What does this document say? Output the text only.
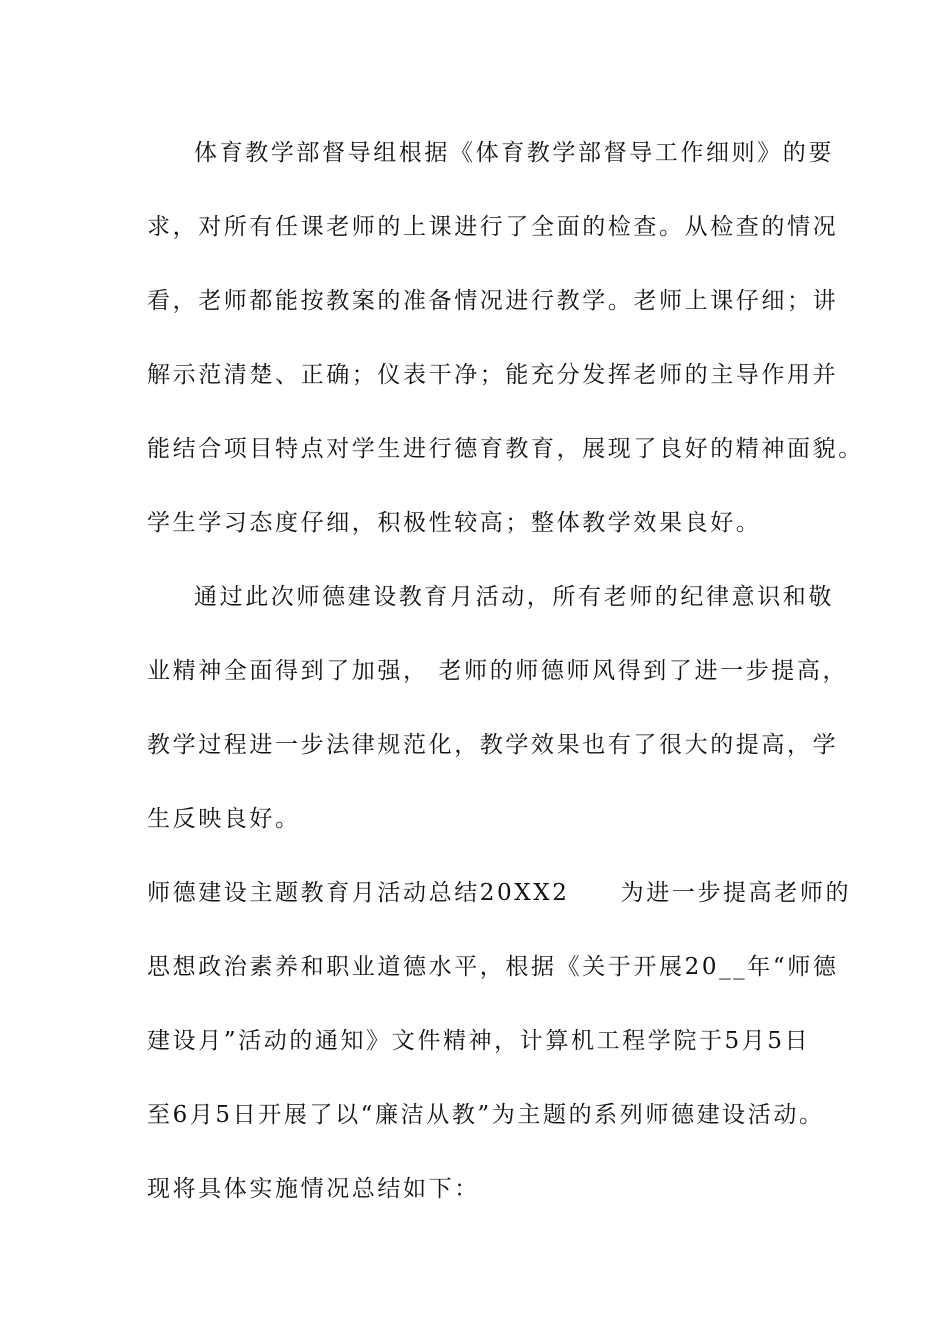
体育教学部督导组根据《体育教学部督导工作细则》的要
求，对所有任课老师的上课进行了全面的检查。从检查的情况
看，老师都能按教案的准备情况进行教学。老师上课仔细；讲
解示范清楚、正确；仪表干净；能充分发挥老师的主导作用并
能结合项目特点对学生进行德育教育，展现了良好的精神面貌。
学生学习态度仔细，积极性较高；整体教学效果良好。
通过此次师德建设教育月活动，所有老师的纪律意识和敬
业精神全面得到了加强， 老师的师德师风得到了进一步提高，
教学过程进一步法律规范化，教学效果也有了很大的提高，学
生反映良好。
师德建设主题教育月活动总结20XX2　　为进一步提高老师的
思想政治素养和职业道德水平，根据《关于开展20__年“师德
建设月”活动的通知》文件精神，计算机工程学院于5月5日
至6月5日开展了以“廉洁从教”为主题的系列师德建设活动。
现将具体实施情况总结如下：
